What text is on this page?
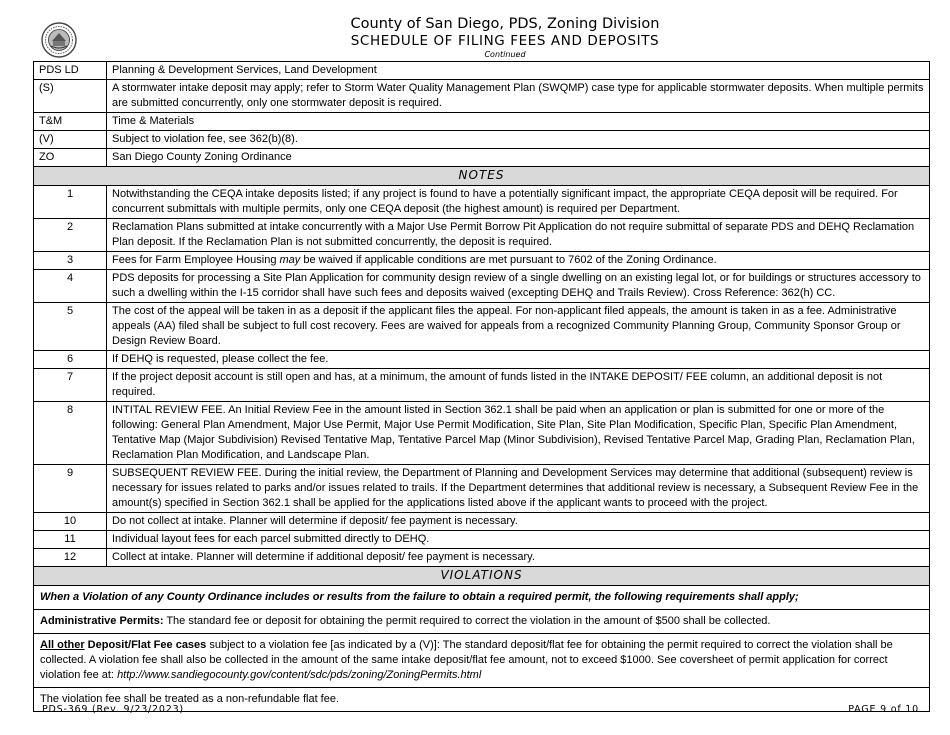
County of San Diego, PDS, Zoning Division
SCHEDULE OF FILING FEES AND DEPOSITS
Continued
PDS LD	Planning & Development Services, Land Development
(S)	A stormwater intake deposit may apply; refer to Storm Water Quality Management Plan (SWQMP) case type for applicable stormwater deposits. When multiple permits are submitted concurrently, only one stormwater deposit is required.
T&M	Time & Materials
(V)	Subject to violation fee, see 362(b)(8).
ZO	San Diego County Zoning Ordinance
NOTES	
1	Notwithstanding the CEQA intake deposits listed; if any project is found to have a potentially significant impact, the appropriate CEQA deposit will be required. For concurrent submittals with multiple permits, only one CEQA deposit (the highest amount) is required per Department.
2	Reclamation Plans submitted at intake concurrently with a Major Use Permit Borrow Pit Application do not require submittal of separate PDS and DEHQ Reclamation Plan deposit. If the Reclamation Plan is not submitted concurrently, the deposit is required.
3	Fees for Farm Employee Housing may be waived if applicable conditions are met pursuant to 7602 of the Zoning Ordinance.
4	PDS deposits for processing a Site Plan Application for community design review of a single dwelling on an existing legal lot, or for buildings or structures accessory to such a dwelling within the I-15 corridor shall have such fees and deposits waived (excepting DEHQ and Trails Review). Cross Reference: 362(h) CC.
5	The cost of the appeal will be taken in as a deposit if the applicant files the appeal. For non-applicant filed appeals, the amount is taken in as a fee. Administrative appeals (AA) filed shall be subject to full cost recovery. Fees are waived for appeals from a recognized Community Planning Group, Community Sponsor Group or Design Review Board.
6	If DEHQ is requested, please collect the fee.
7	If the project deposit account is still open and has, at a minimum, the amount of funds listed in the INTAKE DEPOSIT/ FEE column, an additional deposit is not required.
8	INTITAL REVIEW FEE. An Initial Review Fee in the amount listed in Section 362.1 shall be paid when an application or plan is submitted for one or more of the following: General Plan Amendment, Major Use Permit, Major Use Permit Modification, Site Plan, Site Plan Modification, Specific Plan, Specific Plan Amendment, Tentative Map (Major Subdivision) Revised Tentative Map, Tentative Parcel Map (Minor Subdivision), Revised Tentative Parcel Map, Grading Plan, Reclamation Plan, Reclamation Plan Modification, and Landscape Plan.
9	SUBSEQUENT REVIEW FEE. During the initial review, the Department of Planning and Development Services may determine that additional (subsequent) review is necessary for issues related to parks and/or issues related to trails. If the Department determines that additional review is necessary, a Subsequent Review Fee in the amount(s) specified in Section 362.1 shall be applied for the applications listed above if the applicant wants to proceed with the project.
10	Do not collect at intake. Planner will determine if deposit/ fee payment is necessary.
11	Individual layout fees for each parcel submitted directly to DEHQ.
12	Collect at intake. Planner will determine if additional deposit/ fee payment is necessary.
VIOLATIONS	
When a Violation of any County Ordinance includes or results from the failure to obtain a required permit, the following requirements shall apply;	
Administrative Permits: The standard fee or deposit for obtaining the permit required to correct the violation in the amount of $500 shall be collected.	
All other Deposit/Flat Fee cases subject to a violation fee [as indicated by a (V)]: The standard deposit/flat fee for obtaining the permit required to correct the violation shall be collected. A violation fee shall also be collected in the amount of the same intake deposit/flat fee amount, not to exceed $1000. See coversheet of permit application for correct violation fee at: http://www.sandiegocounty.gov/content/sdc/pds/zoning/ZoningPermits.html	
The violation fee shall be treated as a non-refundable flat fee.	
PDS-369 (Rev. 9/23/2023)	PAGE 9 of 10
